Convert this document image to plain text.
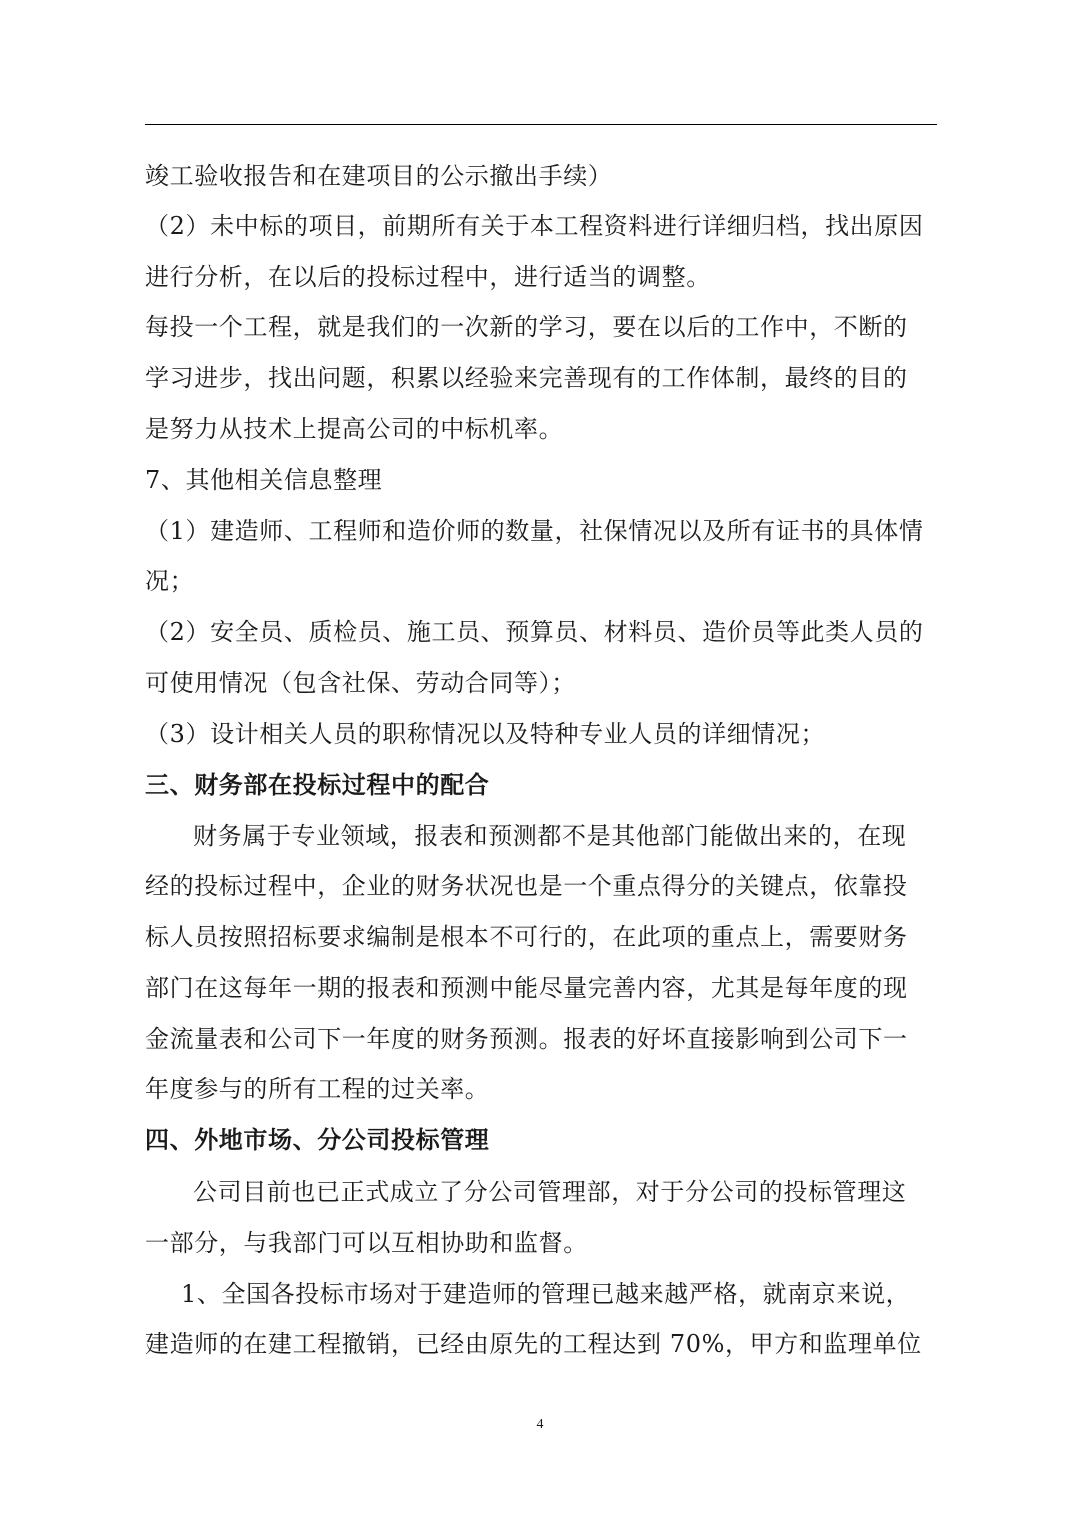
竣工验收报告和在建项目的公示撤出手续）
（2）未中标的项目，前期所有关于本工程资料进行详细归档，找出原因
进行分析，在以后的投标过程中，进行适当的调整。
每投一个工程，就是我们的一次新的学习，要在以后的工作中，不断的
学习进步，找出问题，积累以经验来完善现有的工作体制，最终的目的
是努力从技术上提高公司的中标机率。
7、其他相关信息整理
（1）建造师、工程师和造价师的数量，社保情况以及所有证书的具体情
况；
（2）安全员、质检员、施工员、预算员、材料员、造价员等此类人员的
可使用情况（包含社保、劳动合同等）；
（3）设计相关人员的职称情况以及特种专业人员的详细情况；
三、财务部在投标过程中的配合
财务属于专业领域，报表和预测都不是其他部门能做出来的，在现
经的投标过程中，企业的财务状况也是一个重点得分的关键点，依靠投
标人员按照招标要求编制是根本不可行的，在此项的重点上，需要财务
部门在这每年一期的报表和预测中能尽量完善内容，尤其是每年度的现
金流量表和公司下一年度的财务预测。报表的好坏直接影响到公司下一
年度参与的所有工程的过关率。
四、外地市场、分公司投标管理
公司目前也已正式成立了分公司管理部，对于分公司的投标管理这
一部分，与我部门可以互相协助和监督。
1、全国各投标市场对于建造师的管理已越来越严格，就南京来说，
建造师的在建工程撤销，已经由原先的工程达到 70%，甲方和监理单位
4
